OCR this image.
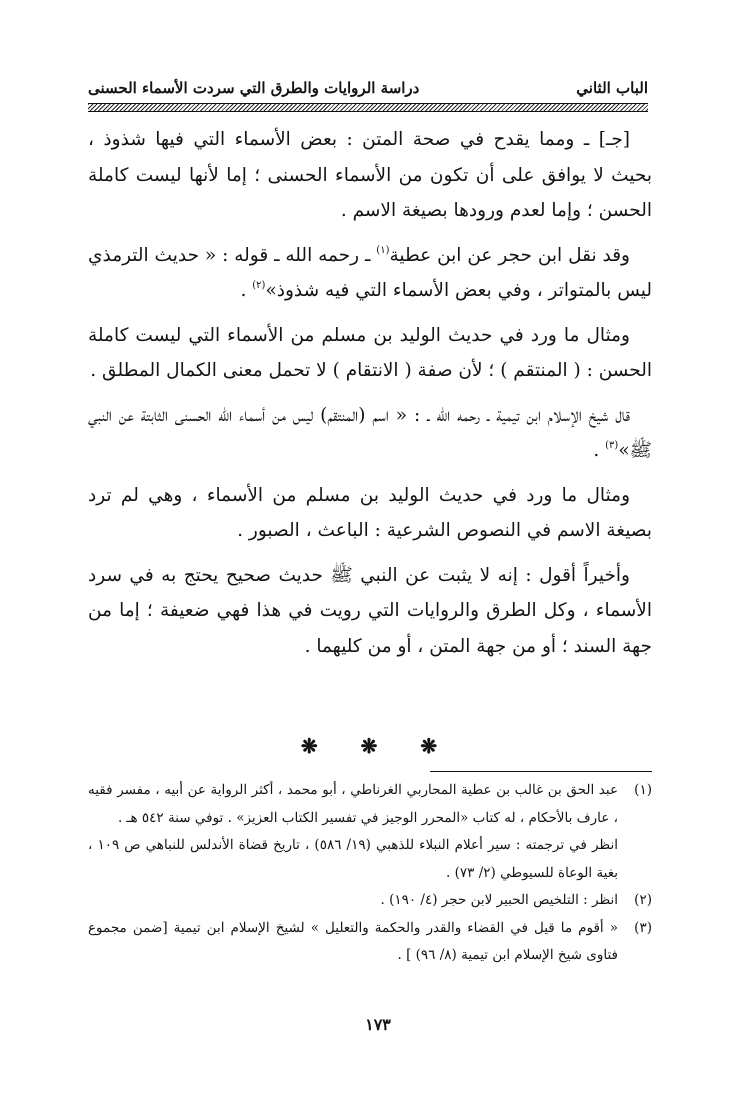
الباب الثاني
دراسة الروايات والطرق التي سردت الأسماء الحسنى

[جـ] ـ ومما يقدح في صحة المتن : بعض الأسماء التي فيها شذوذ ، بحيث لا يوافق على أن تكون من الأسماء الحسنى ؛ إما لأنها ليست كاملة الحسن ؛ وإما لعدم ورودها بصيغة الاسم .

وقد نقل ابن حجر عن ابن عطية$^{(١)}$ ـ رحمه الله ـ قوله : « حديث الترمذي ليس بالمتواتر ، وفي بعض الأسماء التي فيه شذوذ»$^{(٢)}$ .

ومثال ما ورد في حديث الوليد بن مسلم من الأسماء التي ليست كاملة الحسن : ( المنتقم ) ؛ لأن صفة ( الانتقام ) لا تحمل معنى الكمال المطلق .

قال شيخ الإسلام ابن تيمية ـ رحمه الله ـ : « اسم (المنتقم) ليس من أسماء الله الحسنى الثابتة عن النبي ﷺ»$^{(٣)}$ .

ومثال ما ورد في حديث الوليد بن مسلم من الأسماء ، وهي لم ترد بصيغة الاسم في النصوص الشرعية : الباعث ، الصبور .

وأخيراً أقول : إنه لا يثبت عن النبي ﷺ حديث صحيح يحتج به في سرد الأسماء ، وكل الطرق والروايات التي رويت في هذا فهي ضعيفة ؛ إما من جهة السند ؛ أو من جهة المتن ، أو من كليهما .

❋ ❋ ❋
(١)
عبد الحق بن غالب بن عطية المحاربي الغرناطي ، أبو محمد ، أكثر الرواية عن أبيه ، مفسر فقيه ، عارف بالأحكام ، له كتاب «المحرر الوجيز في تفسير الكتاب العزيز» . توفي سنة ٥٤٢ هـ .
انظر في ترجمته : سير أعلام النبلاء للذهبي (١٩/ ٥٨٦) ، تاريخ قضاة الأندلس للنباهي ص ١٠٩ ، بغية الوعاة للسيوطي (٢/ ٧٣) .
(٢)
انظر : التلخيص الحبير لابن حجر (٤/ ١٩٠) .
(٣)
« أقوم ما قيل في القضاء والقدر والحكمة والتعليل » لشيخ الإسلام ابن تيمية [ضمن مجموع فتاوى شيخ الإسلام ابن تيمية (٨/ ٩٦) ] .
١٧٣
